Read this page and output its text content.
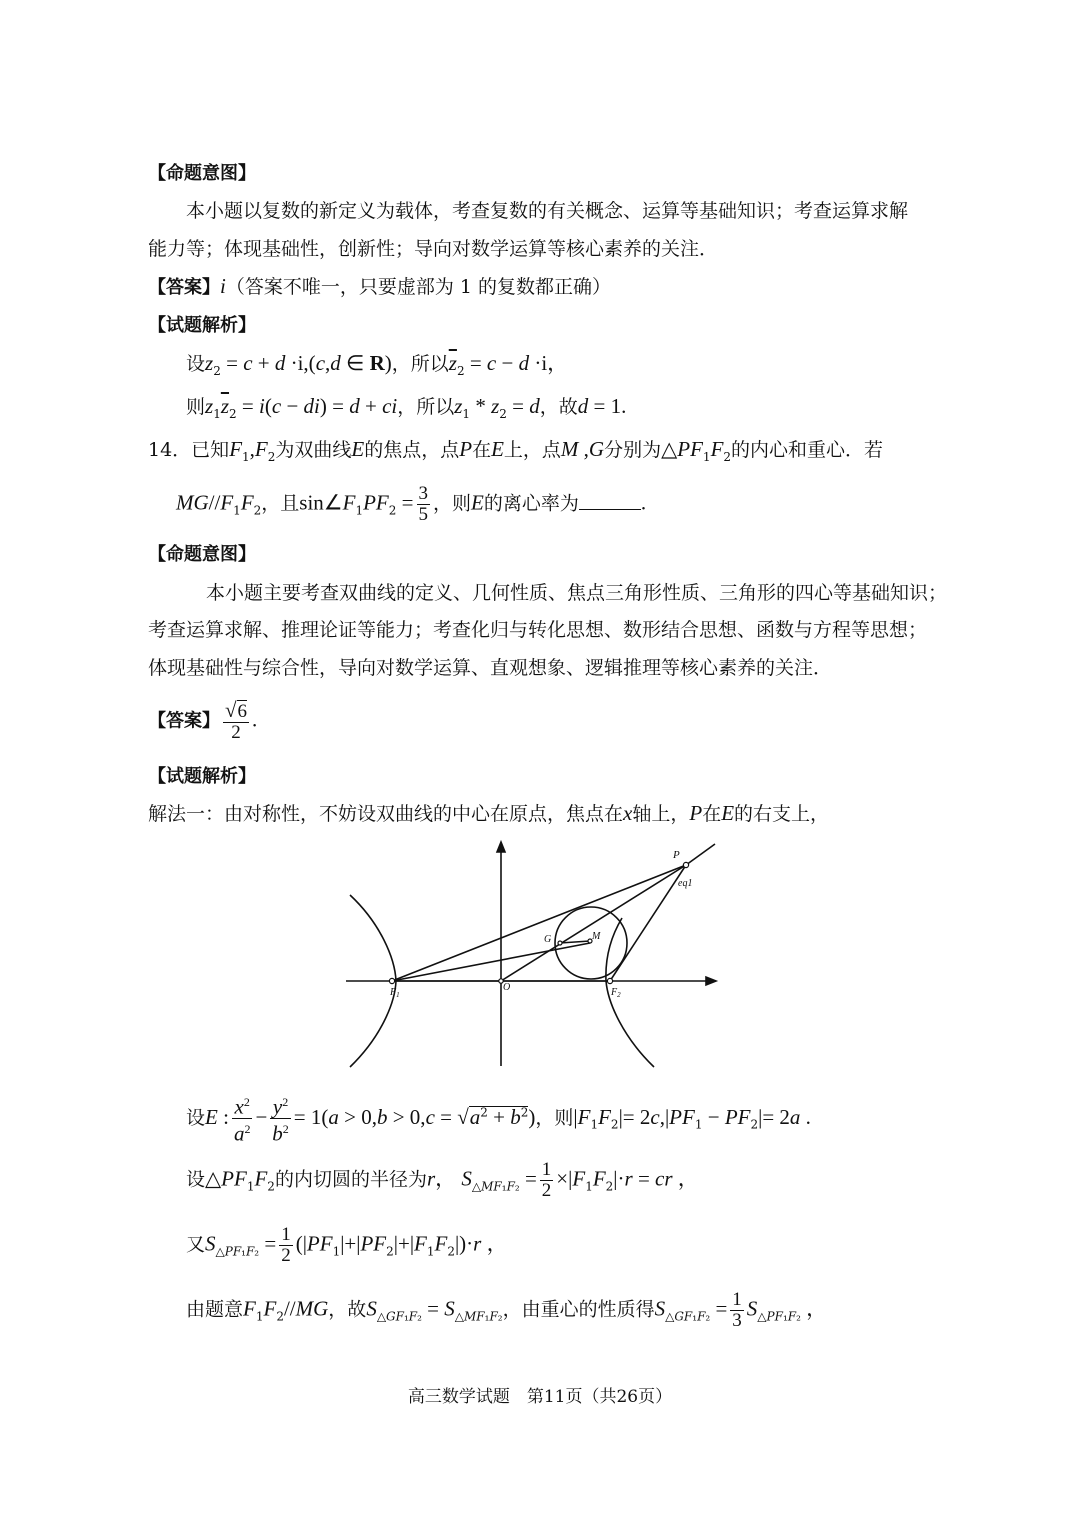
【命题意图】
本小题以复数的新定义为载体，考查复数的有关概念、运算等基础知识；考查运算求解
能力等；体现基础性，创新性；导向对数学运算等核心素养的关注．
【答案】i（答案不唯一，只要虚部为 1 的复数都正确）
【试题解析】
设$z_2 = c + d \cdot i,(c,d$ ∈ R)，所以$\overline{z}_2 = c - d \cdot i$，
则$z_1\overline{z}_2 = i(c - di) = d$ + ci，所以$z_1 * z_2 = d$，故d = 1.
14．已知$F_1,F_2$为双曲线E的焦点，点P在E上，点M ,G分别为$\triangle PF_1F_2$的内心和重心．若
$MG//F_1F_2$，且$\sin\angle F_1PF_2 = \frac{3}{5}$ ，则E的离心率为	.
【命题意图】
本小题主要考查双曲线的定义、几何性质、焦点三角形性质、三角形的四心等基础知识；
考查运算求解、推理论证等能力；考查化归与转化思想、数形结合思想、函数与方程等思想；
体现基础性与综合性，导向对数学运算、直观想象、逻辑推理等核心素养的关注．
【答案】 $\frac{√6}{2}$ .
【试题解析】
解法一：由对称性，不妨设双曲线的中心在原点，焦点在x轴上，P在E的右支上，
P
eq1
G	M
$F_1$
O	$F_2$
设E : $\frac{x^2}{a^2} - \frac{y^2}{b^2} = 1(a > 0,b > 0,c = √a^2 + b^2)$，则$|F_1F_2|= 2c,|PF_1 - PF_2|= 2a$ .
设$\triangle PF_1F_2$的内切圆的半径为r， $S_{\triangle MF_1F_2} = \frac{1}{2} \times|F_1F_2|\cdot r$ = cr ，
又$S_{\triangle PF_1F_2} = \frac{1}{2} (|PF_1|+|PF_2|+|F_1F_2|)\cdot r$ ，
由题意$F_1F_2//MG$，故$S_{\triangle GF_1F_2} = S_{\triangle MF_1F_2}$，由重心的性质得$S_{\triangle GF_1F_2} = \frac{1}{3} S_{\triangle PF_1F_2}$ ，
高三数学试题　第11页（共26页）
